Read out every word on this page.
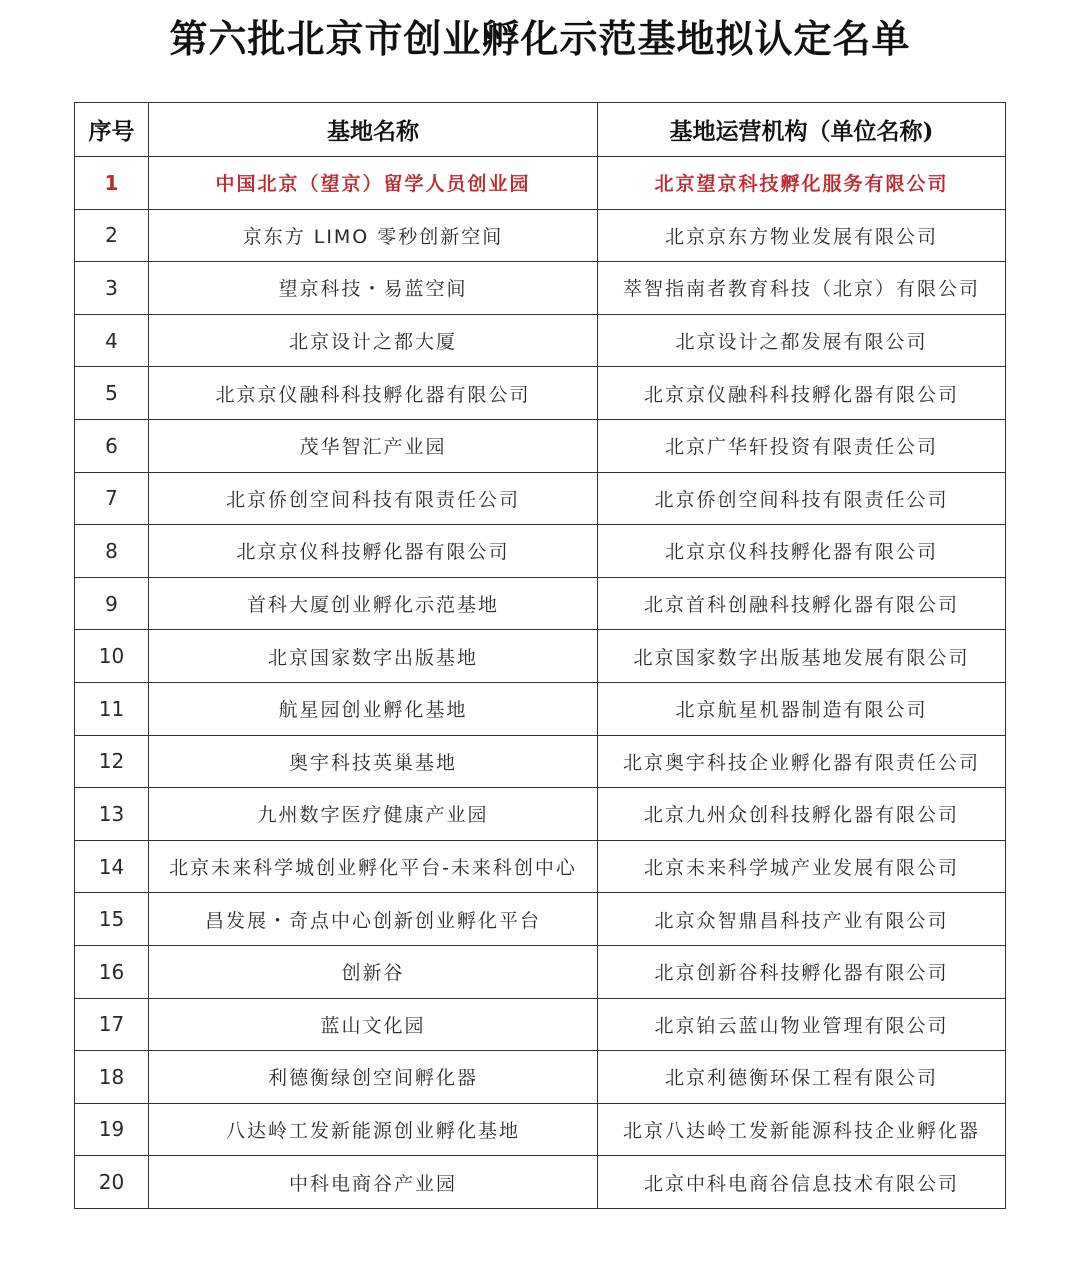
第六批北京市创业孵化示范基地拟认定名单
序号	基地名称	基地运营机构（单位名称)
1	中国北京（望京）留学人员创业园	北京望京科技孵化服务有限公司
2	京东方 LIMO 零秒创新空间	北京京东方物业发展有限公司
3	望京科技・易蓝空间	萃智指南者教育科技（北京）有限公司
4	北京设计之都大厦	北京设计之都发展有限公司
5	北京京仪融科科技孵化器有限公司	北京京仪融科科技孵化器有限公司
6	茂华智汇产业园	北京广华轩投资有限责任公司
7	北京侨创空间科技有限责任公司	北京侨创空间科技有限责任公司
8	北京京仪科技孵化器有限公司	北京京仪科技孵化器有限公司
9	首科大厦创业孵化示范基地	北京首科创融科技孵化器有限公司
10	北京国家数字出版基地	北京国家数字出版基地发展有限公司
11	航星园创业孵化基地	北京航星机器制造有限公司
12	奥宇科技英巢基地	北京奥宇科技企业孵化器有限责任公司
13	九州数字医疗健康产业园	北京九州众创科技孵化器有限公司
14	北京未来科学城创业孵化平台-未来科创中心	北京未来科学城产业发展有限公司
15	昌发展・奇点中心创新创业孵化平台	北京众智鼎昌科技产业有限公司
16	创新谷	北京创新谷科技孵化器有限公司
17	蓝山文化园	北京铂云蓝山物业管理有限公司
18	利德衡绿创空间孵化器	北京利德衡环保工程有限公司
19	八达岭工发新能源创业孵化基地	北京八达岭工发新能源科技企业孵化器
20	中科电商谷产业园	北京中科电商谷信息技术有限公司
